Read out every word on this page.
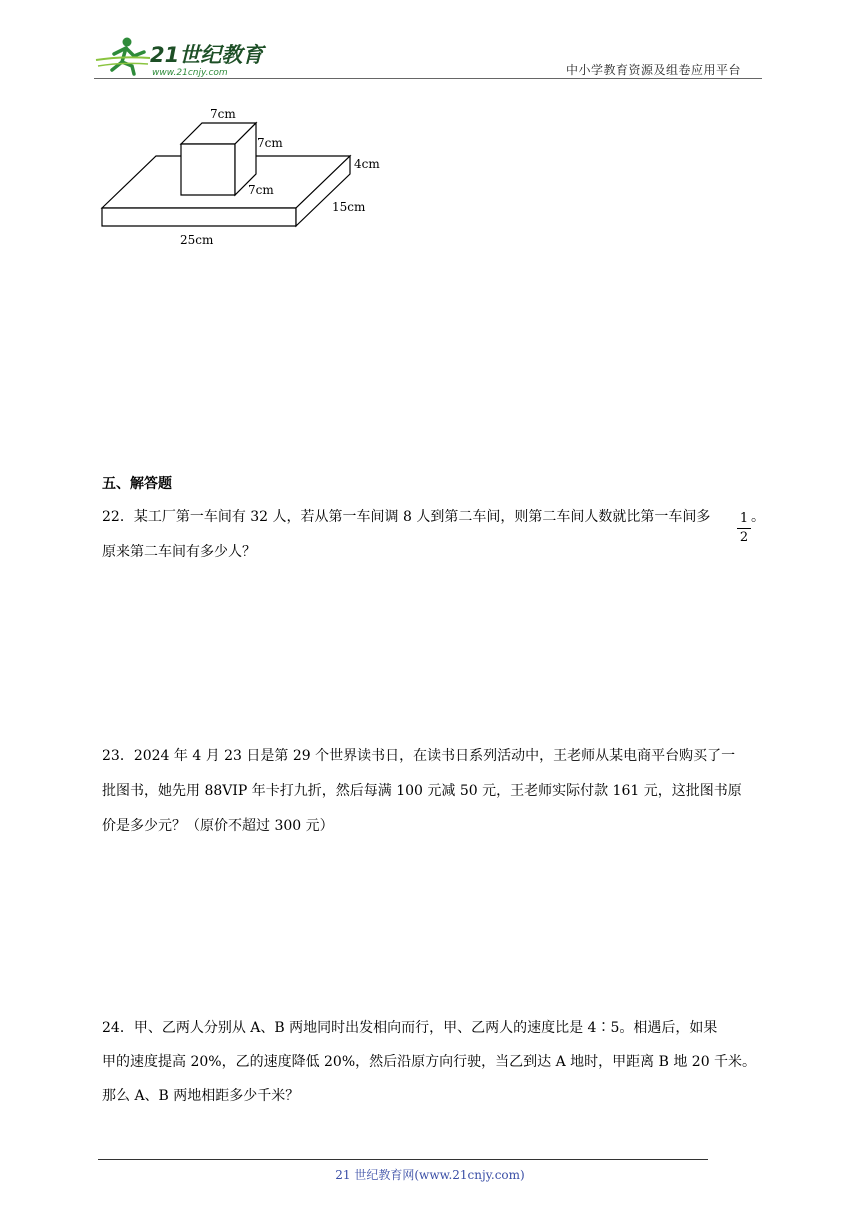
21世纪教育
www.21cnjy.com	中小学教育资源及组卷应用平台
7cm
7cm
7cm
4cm
15cm
25cm
五、解答题
22．某工厂第一车间有 32 人，若从第一车间调 8 人到第二车间，则第二车间人数就比第一车间多 1
2
。
原来第二车间有多少人？
23．2024 年 4 月 23 日是第 29 个世界读书日，在读书日系列活动中，王老师从某电商平台购买了一
批图书，她先用 88VIP 年卡打九折，然后每满 100 元减 50 元，王老师实际付款 161 元，这批图书原
价是多少元？（原价不超过 300 元）
24．甲、乙两人分别从 A、B 两地同时出发相向而行，甲、乙两人的速度比是 4∶5。相遇后，如果
甲的速度提高 20%，乙的速度降低 20%，然后沿原方向行驶，当乙到达 A 地时，甲距离 B 地 20 千米。
那么 A、B 两地相距多少千米？
21 世纪教育网(www.21cnjy.com)
